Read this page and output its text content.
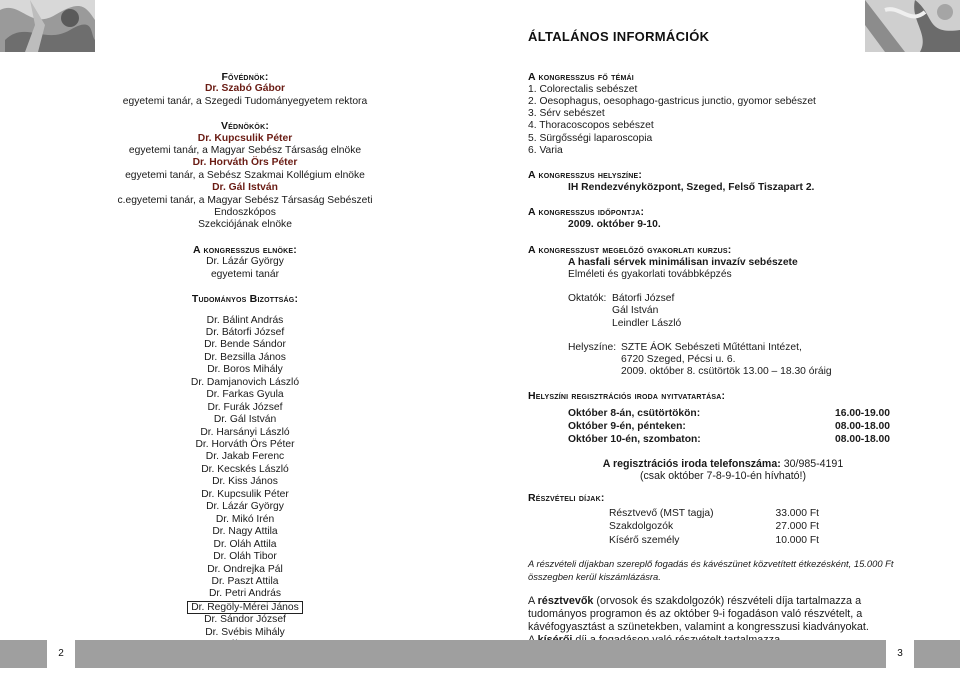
ÁLTALÁNOS INFORMÁCIÓK
Fővédnök:
Dr. Szabó Gábor
egyetemi tanár, a Szegedi Tudományegyetem rektora
Védnökök:
Dr. Kupcsulik Péter
egyetemi tanár, a Magyar Sebész Társaság elnöke
Dr. Horváth Örs Péter
egyetemi tanár, a Sebész Szakmai Kollégium elnöke
Dr. Gál István
c.egyetemi tanár, a Magyar Sebész Társaság Sebészeti Endoszkópos
Szekciójának elnöke
A kongresszus elnöke:
Dr. Lázár György
egyetemi tanár
Tudományos Bizottság:
Dr. Bálint András
Dr. Bátorfi József
Dr. Bende Sándor
Dr. Bezsilla János
Dr. Boros Mihály
Dr. Damjanovich László
Dr. Farkas Gyula
Dr. Furák József
Dr. Gál István
Dr. Harsányi László
Dr. Horváth Örs Péter
Dr. Jakab Ferenc
Dr. Kecskés László
Dr. Kiss János
Dr. Kupcsulik Péter
Dr. Lázár György
Dr. Mikó Irén
Dr. Nagy Attila
Dr. Oláh Attila
Dr. Oláh Tibor
Dr. Ondrejka Pál
Dr. Paszt Attila
Dr. Petri András
Dr. Regöly-Mérei János
Dr. Sándor József
Dr. Svébis Mihály
A kongresszus fő témái
1. Colorectalis sebészet
2. Oesophagus, oesophago-gastricus junctio, gyomor sebészet
3. Sérv sebészet
4. Thoracoscopos sebészet
5. Sürgősségi laparoscopia
6. Varia
A kongresszus helyszíne:
IH Rendezvényközpont, Szeged, Felső Tiszapart 2.
A kongresszus időpontja:
2009. október 9-10.
A kongresszust megelőző gyakorlati kurzus:
A hasfali sérvek minimálisan invazív sebészete
Elméleti és gyakorlati továbbképzés
Oktatók: Bátorfi József
Gál István
Leindler László
Helyszíne: SZTE ÁOK Sebészeti Műtéttani Intézet,
6720 Szeged, Pécsi u. 6.
2009. október 8. csütörtök 13.00 – 18.30 óráig
Helyszíni regisztrációs iroda nyitvatartása:
Október 8-án, csütörtökön:	16.00-19.00
Október 9-én, pénteken:	08.00-18.00
Október 10-én, szombaton:	08.00-18.00
A regisztrációs iroda telefonszáma: 30/985-4191
(csak október 7-8-9-10-én hívható!)
Részvételi díjak:
Résztvevő (MST tagja)	33.000 Ft
Szakdolgozók	27.000 Ft
Kísérő személy	10.000 Ft
A részvételi díjakban szereplő fogadás és kávészünet közvetített étkezésként, 15.000 Ft összegben kerül kiszámlázásra.
A résztvevők (orvosok és szakdolgozók) részvételi díja tartalmazza a tudományos programon és az október 9-i fogadáson való részvételt, a kávéfogyasztást a szünetekben, valamint a kongresszusi kiadványokat.
2	3
